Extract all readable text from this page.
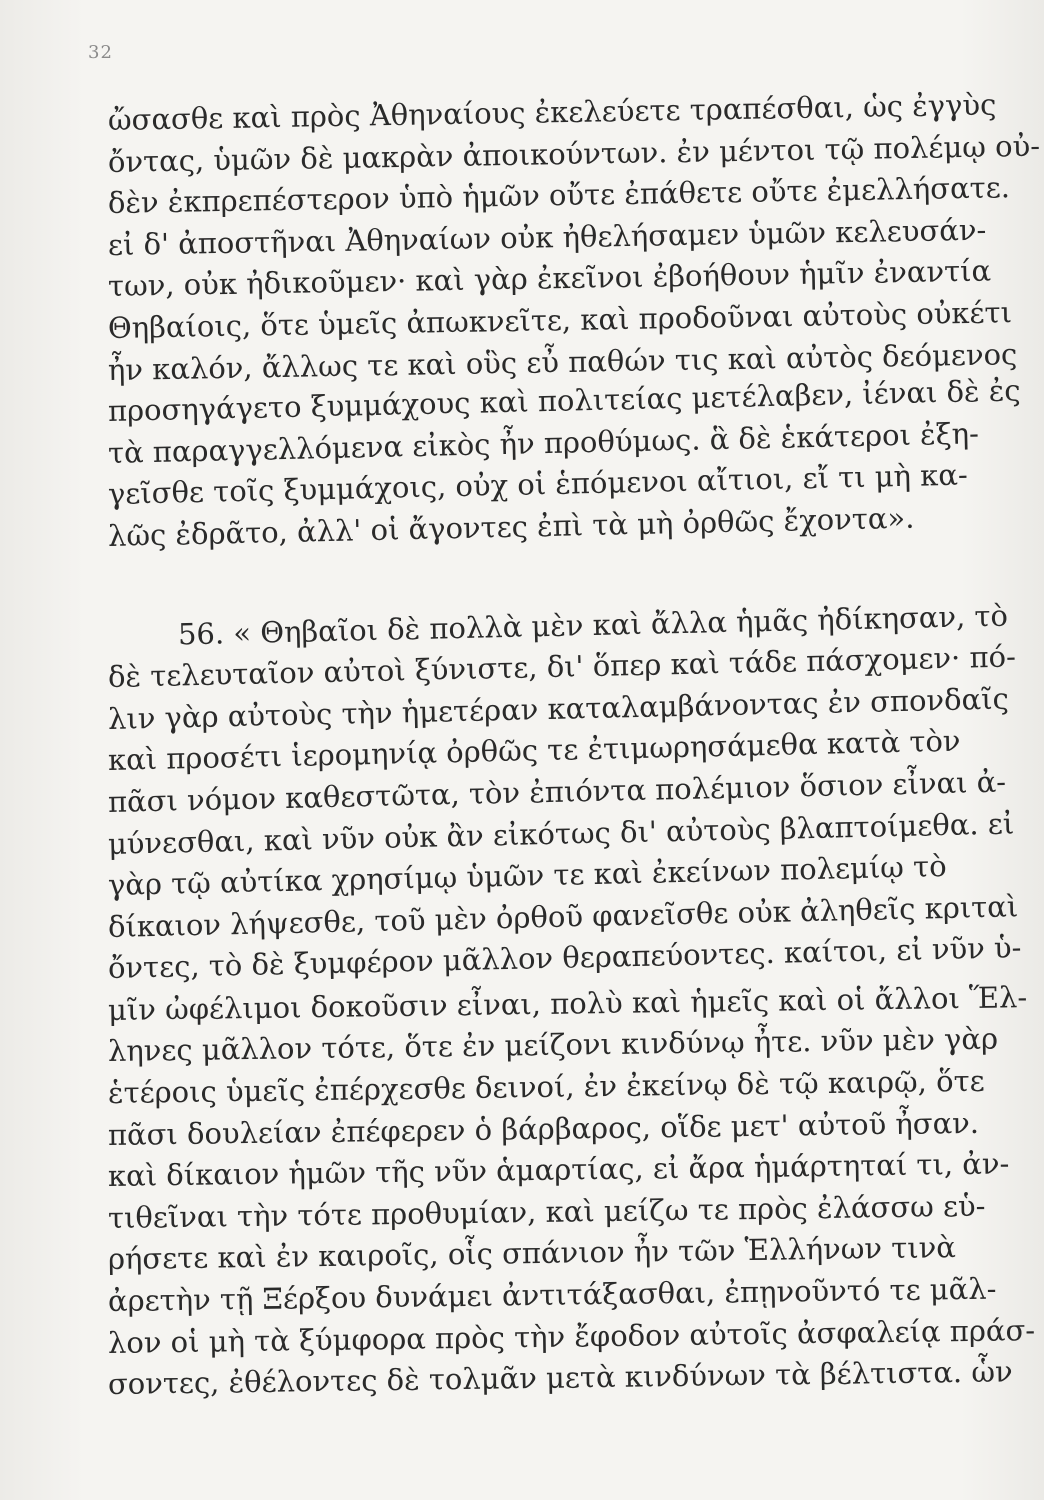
32
ὤσασθε καὶ πρὸς Ἀθηναίους ἐκελεύετε τραπέσθαι, ὡς ἐγγὺς
ὄντας, ὑμῶν δὲ μακρὰν ἀποικούντων. ἐν μέντοι τῷ πολέμῳ οὐ-
δὲν ἐκπρεπέστερον ὑπὸ ἡμῶν οὔτε ἐπάθετε οὔτε ἐμελλήσατε.
εἰ δ' ἀποστῆναι Ἀθηναίων οὐκ ἠθελήσαμεν ὑμῶν κελευσάν-
των, οὐκ ἠδικοῦμεν· καὶ γὰρ ἐκεῖνοι ἐβοήθουν ἡμῖν ἐναντία
Θηβαίοις, ὅτε ὑμεῖς ἀπωκνεῖτε, καὶ προδοῦναι αὐτοὺς οὐκέτι
ἦν καλόν, ἄλλως τε καὶ οὓς εὖ παθών τις καὶ αὐτὸς δεόμενος
προσηγάγετο ξυμμάχους καὶ πολιτείας μετέλαβεν, ἰέναι δὲ ἐς
τὰ παραγγελλόμενα εἰκὸς ἦν προθύμως. ἃ δὲ ἑκάτεροι ἐξη-
γεῖσθε τοῖς ξυμμάχοις, οὐχ οἱ ἑπόμενοι αἴτιοι, εἴ τι μὴ κα-
λῶς ἐδρᾶτο, ἀλλ' οἱ ἄγοντες ἐπὶ τὰ μὴ ὀρθῶς ἔχοντα».
56. « Θηβαῖοι δὲ πολλὰ μὲν καὶ ἄλλα ἡμᾶς ἠδίκησαν, τὸ
δὲ τελευταῖον αὐτοὶ ξύνιστε, δι' ὅπερ καὶ τάδε πάσχομεν· πό-
λιν γὰρ αὐτοὺς τὴν ἡμετέραν καταλαμβάνοντας ἐν σπονδαῖς
καὶ προσέτι ἱερομηνίᾳ ὀρθῶς τε ἐτιμωρησάμεθα κατὰ τὸν
πᾶσι νόμον καθεστῶτα, τὸν ἐπιόντα πολέμιον ὅσιον εἶναι ἀ-
μύνεσθαι, καὶ νῦν οὐκ ἂν εἰκότως δι' αὐτοὺς βλαπτοίμεθα. εἰ
γὰρ τῷ αὐτίκα χρησίμῳ ὑμῶν τε καὶ ἐκείνων πολεμίῳ τὸ
δίκαιον λήψεσθε, τοῦ μὲν ὀρθοῦ φανεῖσθε οὐκ ἀληθεῖς κριταὶ
ὄντες, τὸ δὲ ξυμφέρον μᾶλλον θεραπεύοντες. καίτοι, εἰ νῦν ὑ-
μῖν ὠφέλιμοι δοκοῦσιν εἶναι, πολὺ καὶ ἡμεῖς καὶ οἱ ἄλλοι Ἕλ-
ληνες μᾶλλον τότε, ὅτε ἐν μείζονι κινδύνῳ ἦτε. νῦν μὲν γὰρ
ἑτέροις ὑμεῖς ἐπέρχεσθε δεινοί, ἐν ἐκείνῳ δὲ τῷ καιρῷ, ὅτε
πᾶσι δουλείαν ἐπέφερεν ὁ βάρβαρος, οἵδε μετ' αὐτοῦ ἦσαν.
καὶ δίκαιον ἡμῶν τῆς νῦν ἁμαρτίας, εἰ ἄρα ἡμάρτηταί τι, ἀν-
τιθεῖναι τὴν τότε προθυμίαν, καὶ μείζω τε πρὸς ἐλάσσω εὑ-
ρήσετε καὶ ἐν καιροῖς, οἷς σπάνιον ἦν τῶν Ἑλλήνων τινὰ
ἀρετὴν τῇ Ξέρξου δυνάμει ἀντιτάξασθαι, ἐπῃνοῦντό τε μᾶλ-
λον οἱ μὴ τὰ ξύμφορα πρὸς τὴν ἔφοδον αὐτοῖς ἀσφαλείᾳ πράσ-
σοντες, ἐθέλοντες δὲ τολμᾶν μετὰ κινδύνων τὰ βέλτιστα. ὧν
